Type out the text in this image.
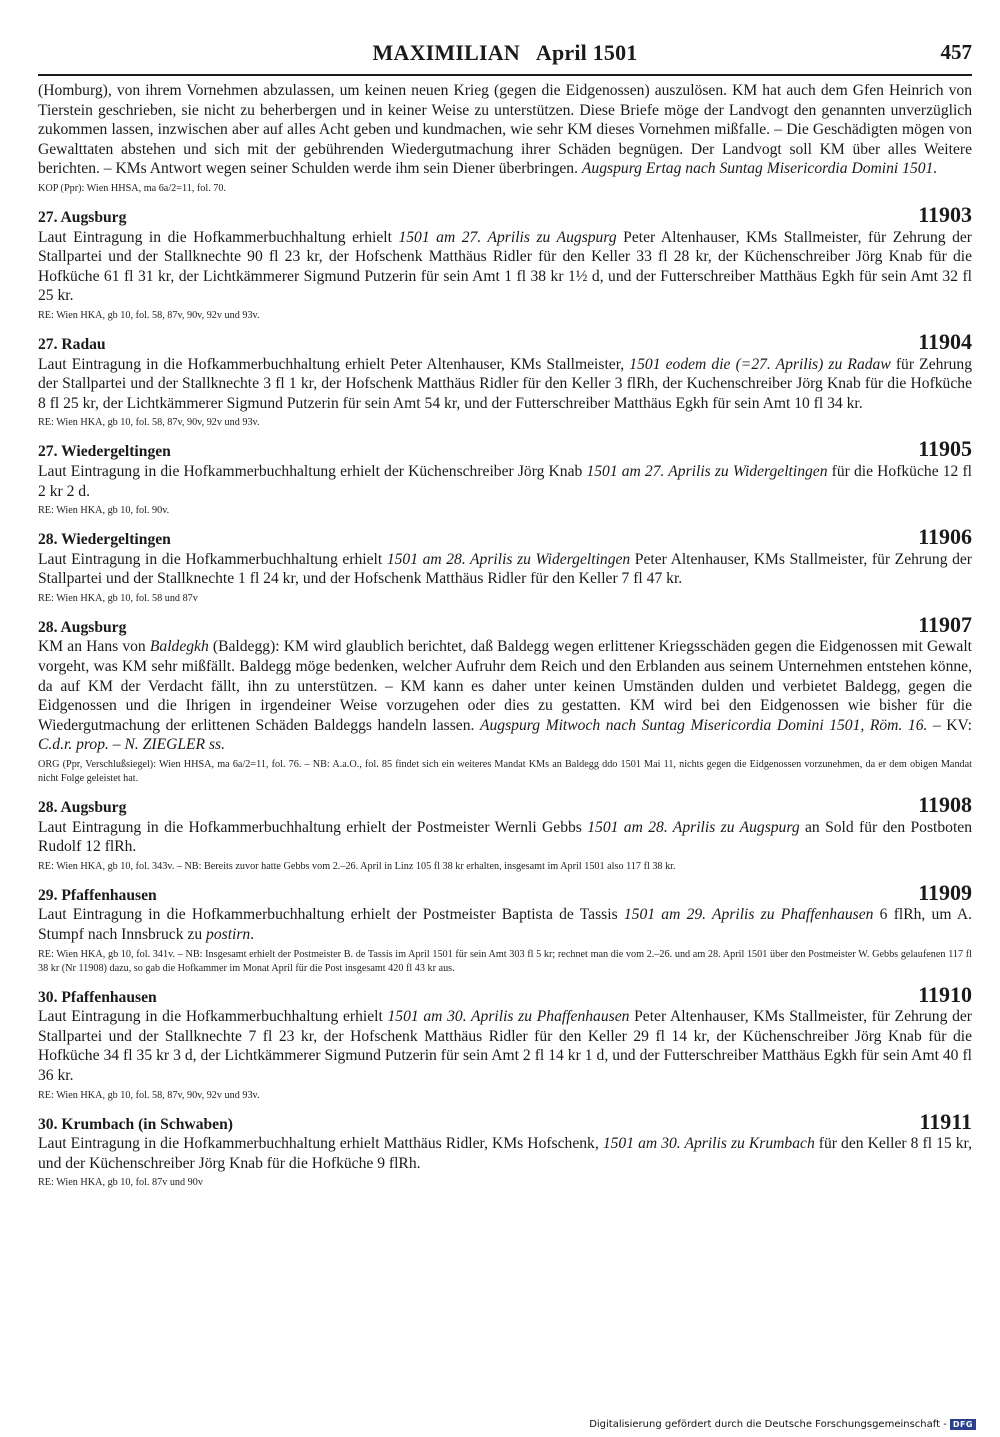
MAXIMILIAN   April 1501	457

(Homburg), von ihrem Vornehmen abzulassen, um keinen neuen Krieg (gegen die Eidgenossen) auszulösen. KM hat auch dem Gfen Heinrich von Tierstein geschrieben, sie nicht zu beherbergen und in keiner Weise zu unterstützen. Diese Briefe möge der Landvogt den genannten unverzüglich zukommen lassen, inzwischen aber auf alles Acht geben und kundmachen, wie sehr KM dieses Vornehmen mißfalle. – Die Geschädigten mögen von Gewalttaten abstehen und sich mit der gebührenden Wiedergutmachung ihrer Schäden begnügen. Der Landvogt soll KM über alles Weitere berichten. – KMs Antwort wegen seiner Schulden werde ihm sein Diener überbringen. Augspurg Ertag nach Suntag Misericordia Domini 1501.

KOP (Ppr): Wien HHSA, ma 6a/2=11, fol. 70.
27. Augsburg	11903

Laut Eintragung in die Hofkammerbuchhaltung erhielt 1501 am 27. Aprilis zu Augspurg Peter Altenhauser, KMs Stallmeister, für Zehrung der Stallpartei und der Stallknechte 90 fl 23 kr, der Hofschenk Matthäus Ridler für den Keller 33 fl 28 kr, der Küchenschreiber Jörg Knab für die Hofküche 61 fl 31 kr, der Lichtkämmerer Sigmund Putzerin für sein Amt 1 fl 38 kr 1½ d, und der Futterschreiber Matthäus Egkh für sein Amt 32 fl 25 kr.

RE: Wien HKA, gb 10, fol. 58, 87v, 90v, 92v und 93v.
27. Radau	11904

Laut Eintragung in die Hofkammerbuchhaltung erhielt Peter Altenhauser, KMs Stallmeister, 1501 eodem die (=27. Aprilis) zu Radaw für Zehrung der Stallpartei und der Stallknechte 3 fl 1 kr, der Hofschenk Matthäus Ridler für den Keller 3 flRh, der Kuchenschreiber Jörg Knab für die Hofküche 8 fl 25 kr, der Lichtkämmerer Sigmund Putzerin für sein Amt 54 kr, und der Futterschreiber Matthäus Egkh für sein Amt 10 fl 34 kr.

RE: Wien HKA, gb 10, fol. 58, 87v, 90v, 92v und 93v.
27. Wiedergeltingen	11905

Laut Eintragung in die Hofkammerbuchhaltung erhielt der Küchenschreiber Jörg Knab 1501 am 27. Aprilis zu Widergeltingen für die Hofküche 12 fl 2 kr 2 d.

RE: Wien HKA, gb 10, fol. 90v.
28. Wiedergeltingen	11906

Laut Eintragung in die Hofkammerbuchhaltung erhielt 1501 am 28. Aprilis zu Widergeltingen Peter Altenhauser, KMs Stallmeister, für Zehrung der Stallpartei und der Stallknechte 1 fl 24 kr, und der Hofschenk Matthäus Ridler für den Keller 7 fl 47 kr.

RE: Wien HKA, gb 10, fol. 58 und 87v
28. Augsburg	11907

KM an Hans von Baldegkh (Baldegg): KM wird glaublich berichtet, daß Baldegg wegen erlittener Kriegsschäden gegen die Eidgenossen mit Gewalt vorgeht, was KM sehr mißfällt. Baldegg möge bedenken, welcher Aufruhr dem Reich und den Erblanden aus seinem Unternehmen entstehen könne, da auf KM der Verdacht fällt, ihn zu unterstützen. – KM kann es daher unter keinen Umständen dulden und verbietet Baldegg, gegen die Eidgenossen und die Ihrigen in irgendeiner Weise vorzugehen oder dies zu gestatten. KM wird bei den Eidgenossen wie bisher für die Wiedergutmachung der erlittenen Schäden Baldeggs handeln lassen. Augspurg Mitwoch nach Suntag Misericordia Domini 1501, Röm. 16. – KV: C.d.r. prop. – N. ZIEGLER ss.

ORG (Ppr, Verschlußsiegel): Wien HHSA, ma 6a/2=11, fol. 76. – NB: A.a.O., fol. 85 findet sich ein weiteres Mandat KMs an Baldegg ddo 1501 Mai 11, nichts gegen die Eidgenossen vorzunehmen, da er dem obigen Mandat nicht Folge geleistet hat.
28. Augsburg	11908

Laut Eintragung in die Hofkammerbuchhaltung erhielt der Postmeister Wernli Gebbs 1501 am 28. Aprilis zu Augspurg an Sold für den Postboten Rudolf 12 flRh.

RE: Wien HKA, gb 10, fol. 343v. – NB: Bereits zuvor hatte Gebbs vom 2.–26. April in Linz 105 fl 38 kr erhalten, insgesamt im April 1501 also 117 fl 38 kr.
29. Pfaffenhausen	11909

Laut Eintragung in die Hofkammerbuchhaltung erhielt der Postmeister Baptista de Tassis 1501 am 29. Aprilis zu Phaffenhausen 6 flRh, um A. Stumpf nach Innsbruck zu postirn.

RE: Wien HKA, gb 10, fol. 341v. – NB: Insgesamt erhielt der Postmeister B. de Tassis im April 1501 für sein Amt 303 fl 5 kr; rechnet man die vom 2.–26. und am 28. April 1501 über den Postmeister W. Gebbs gelaufenen 117 fl 38 kr (Nr 11908) dazu, so gab die Hofkammer im Monat April für die Post insgesamt 420 fl 43 kr aus.
30. Pfaffenhausen	11910

Laut Eintragung in die Hofkammerbuchhaltung erhielt 1501 am 30. Aprilis zu Phaffenhausen Peter Altenhauser, KMs Stallmeister, für Zehrung der Stallpartei und der Stallknechte 7 fl 23 kr, der Hofschenk Matthäus Ridler für den Keller 29 fl 14 kr, der Küchenschreiber Jörg Knab für die Hofküche 34 fl 35 kr 3 d, der Lichtkämmerer Sigmund Putzerin für sein Amt 2 fl 14 kr 1 d, und der Futterschreiber Matthäus Egkh für sein Amt 40 fl 36 kr.

RE: Wien HKA, gb 10, fol. 58, 87v, 90v, 92v und 93v.
30. Krumbach (in Schwaben)	11911

Laut Eintragung in die Hofkammerbuchhaltung erhielt Matthäus Ridler, KMs Hofschenk, 1501 am 30. Aprilis zu Krumbach für den Keller 8 fl 15 kr, und der Küchenschreiber Jörg Knab für die Hofküche 9 flRh.

RE: Wien HKA, gb 10, fol. 87v und 90v
Digitalisierung gefördert durch die Deutsche Forschungsgemeinschaft - DFG
